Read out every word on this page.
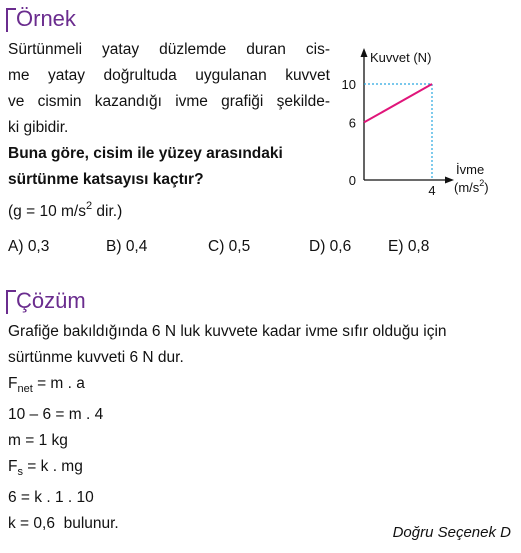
Örnek
Sürtünmeli yatay düzlemde duran cis-
me yatay doğrultuda uygulanan kuvvet
ve cismin kazandığı ivme grafiği şekilde-
ki gibidir.
Buna göre, cisim ile yüzey arasındaki
sürtünme katsayısı kaçtır?
(g = 10 $m/s^2$ dir.)
Kuvvet (N)
10
6
0
4
İvme
$(m/s^2)$
A) 0,3	B) 0,4	C) 0,5	D) 0,6 E) 0,8
Çözüm
Grafiğe bakıldığında 6 N luk kuvvete kadar ivme sıfır olduğu için
sürtünme kuvveti 6 N dur.
$F_{net} = m$ . a
10 – 6 = m . 4
m = 1 kg
$F_s = k$ . mg
6 = k . 1 . 10
k = 0,6  bulunur.
Doğru Seçenek D
